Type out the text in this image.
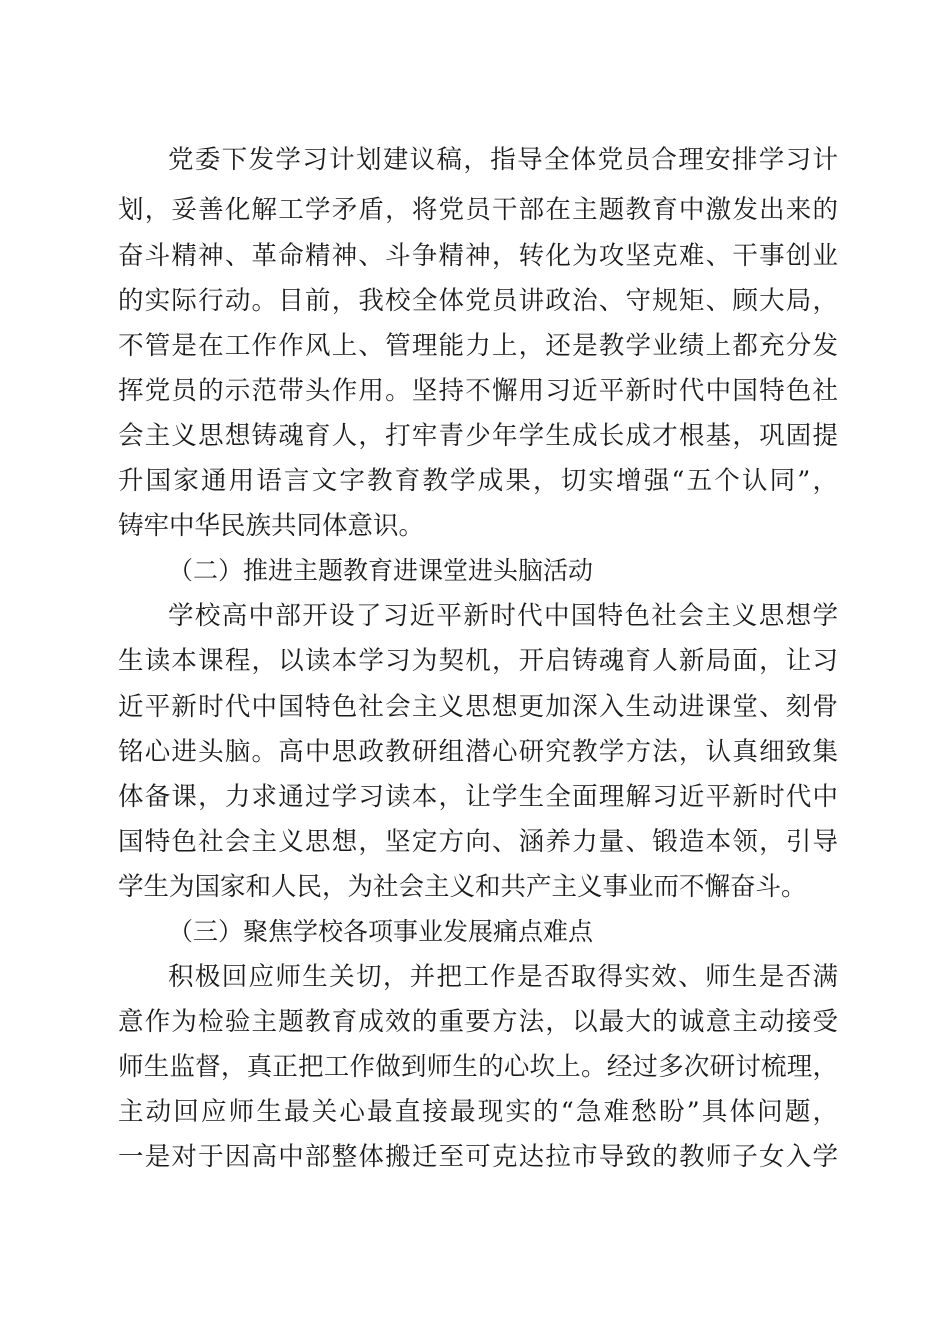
党委下发学习计划建议稿，指导全体党员合理安排学习计
划，妥善化解工学矛盾，将党员干部在主题教育中激发出来的
奋斗精神、革命精神、斗争精神，转化为攻坚克难、干事创业
的实际行动。目前，我校全体党员讲政治、守规矩、顾大局，
不管是在工作作风上、管理能力上，还是教学业绩上都充分发
挥党员的示范带头作用。坚持不懈用习近平新时代中国特色社
会主义思想铸魂育人，打牢青少年学生成长成才根基，巩固提
升国家通用语言文字教育教学成果，切实增强“五个认同”，
铸牢中华民族共同体意识。
（二）推进主题教育进课堂进头脑活动
学校高中部开设了习近平新时代中国特色社会主义思想学
生读本课程，以读本学习为契机，开启铸魂育人新局面，让习
近平新时代中国特色社会主义思想更加深入生动进课堂、刻骨
铭心进头脑。高中思政教研组潜心研究教学方法，认真细致集
体备课，力求通过学习读本，让学生全面理解习近平新时代中
国特色社会主义思想，坚定方向、涵养力量、锻造本领，引导
学生为国家和人民，为社会主义和共产主义事业而不懈奋斗。
（三）聚焦学校各项事业发展痛点难点
积极回应师生关切，并把工作是否取得实效、师生是否满
意作为检验主题教育成效的重要方法，以最大的诚意主动接受
师生监督，真正把工作做到师生的心坎上。经过多次研讨梳理，
主动回应师生最关心最直接最现实的“急难愁盼”具体问题，
一是对于因高中部整体搬迁至可克达拉市导致的教师子女入学
